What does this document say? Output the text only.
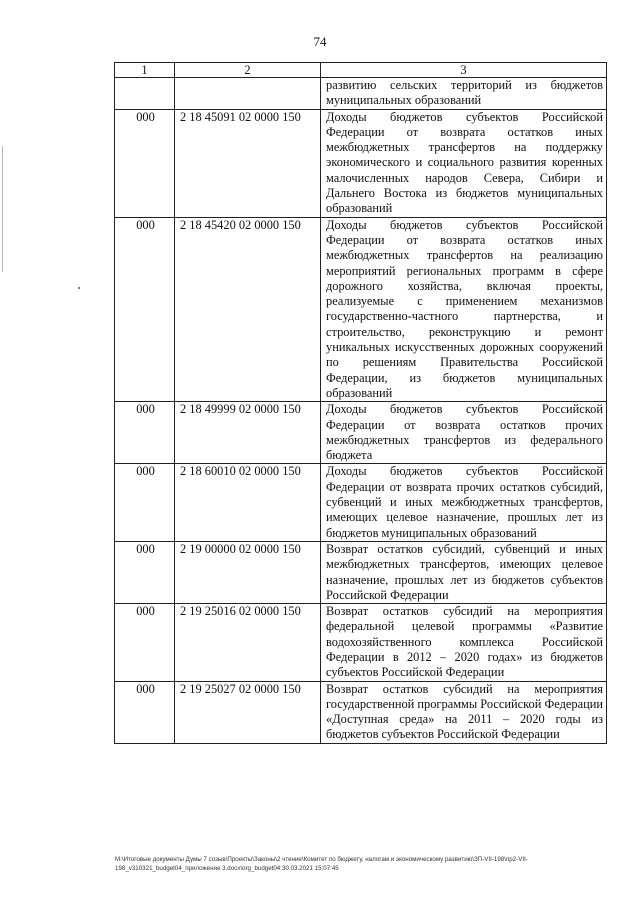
74
1	2	3
		развитию сельских территорий из бюджетов муниципальных образований
000	2 18 45091 02 0000 150	Доходы бюджетов субъектов Российской Федерации от возврата остатков иных межбюджетных трансфертов на поддержку экономического и социального развития коренных малочисленных народов Севера, Сибири и Дальнего Востока из бюджетов муниципальных образований
000	2 18 45420 02 0000 150	Доходы бюджетов субъектов Российской Федерации от возврата остатков иных межбюджетных трансфертов на реализацию мероприятий региональных программ в сфере дорожного хозяйства, включая проекты, реализуемые с применением механизмов государственно-частного партнерства, и строительство, реконструкцию и ремонт уникальных искусственных дорожных сооружений по решениям Правительства Российской Федерации, из бюджетов муниципальных образований
000	2 18 49999 02 0000 150	Доходы бюджетов субъектов Российской Федерации от возврата остатков прочих межбюджетных трансфертов из федерального бюджета
000	2 18 60010 02 0000 150	Доходы бюджетов субъектов Российской Федерации от возврата прочих остатков субсидий, субвенций и иных межбюджетных трансфертов, имеющих целевое назначение, прошлых лет из бюджетов муниципальных образований
000	2 19 00000 02 0000 150	Возврат остатков субсидий, субвенций и иных межбюджетных трансфертов, имеющих целевое назначение, прошлых лет из бюджетов субъектов Российской Федерации
000	2 19 25016 02 0000 150	Возврат остатков субсидий на мероприятия федеральной целевой программы «Развитие водохозяйственного комплекса Российской Федерации в 2012 – 2020 годах» из бюджетов субъектов Российской Федерации
000	2 19 25027 02 0000 150	Возврат остатков субсидий на мероприятия государственной программы Российской Федерации «Доступная среда» на 2011 – 2020 годы из бюджетов субъектов Российской Федерации
М:\Итоговые документы Думы 7 созыв\Проекты\Законы\2 чтение\Комитет по бюджету, налогам и экономическому развитию\ЗП-VII-198\пр2-VII-
198_v310321_budget04_приложение 3.docx\org_budget04:30.03.2021 15:07:45
